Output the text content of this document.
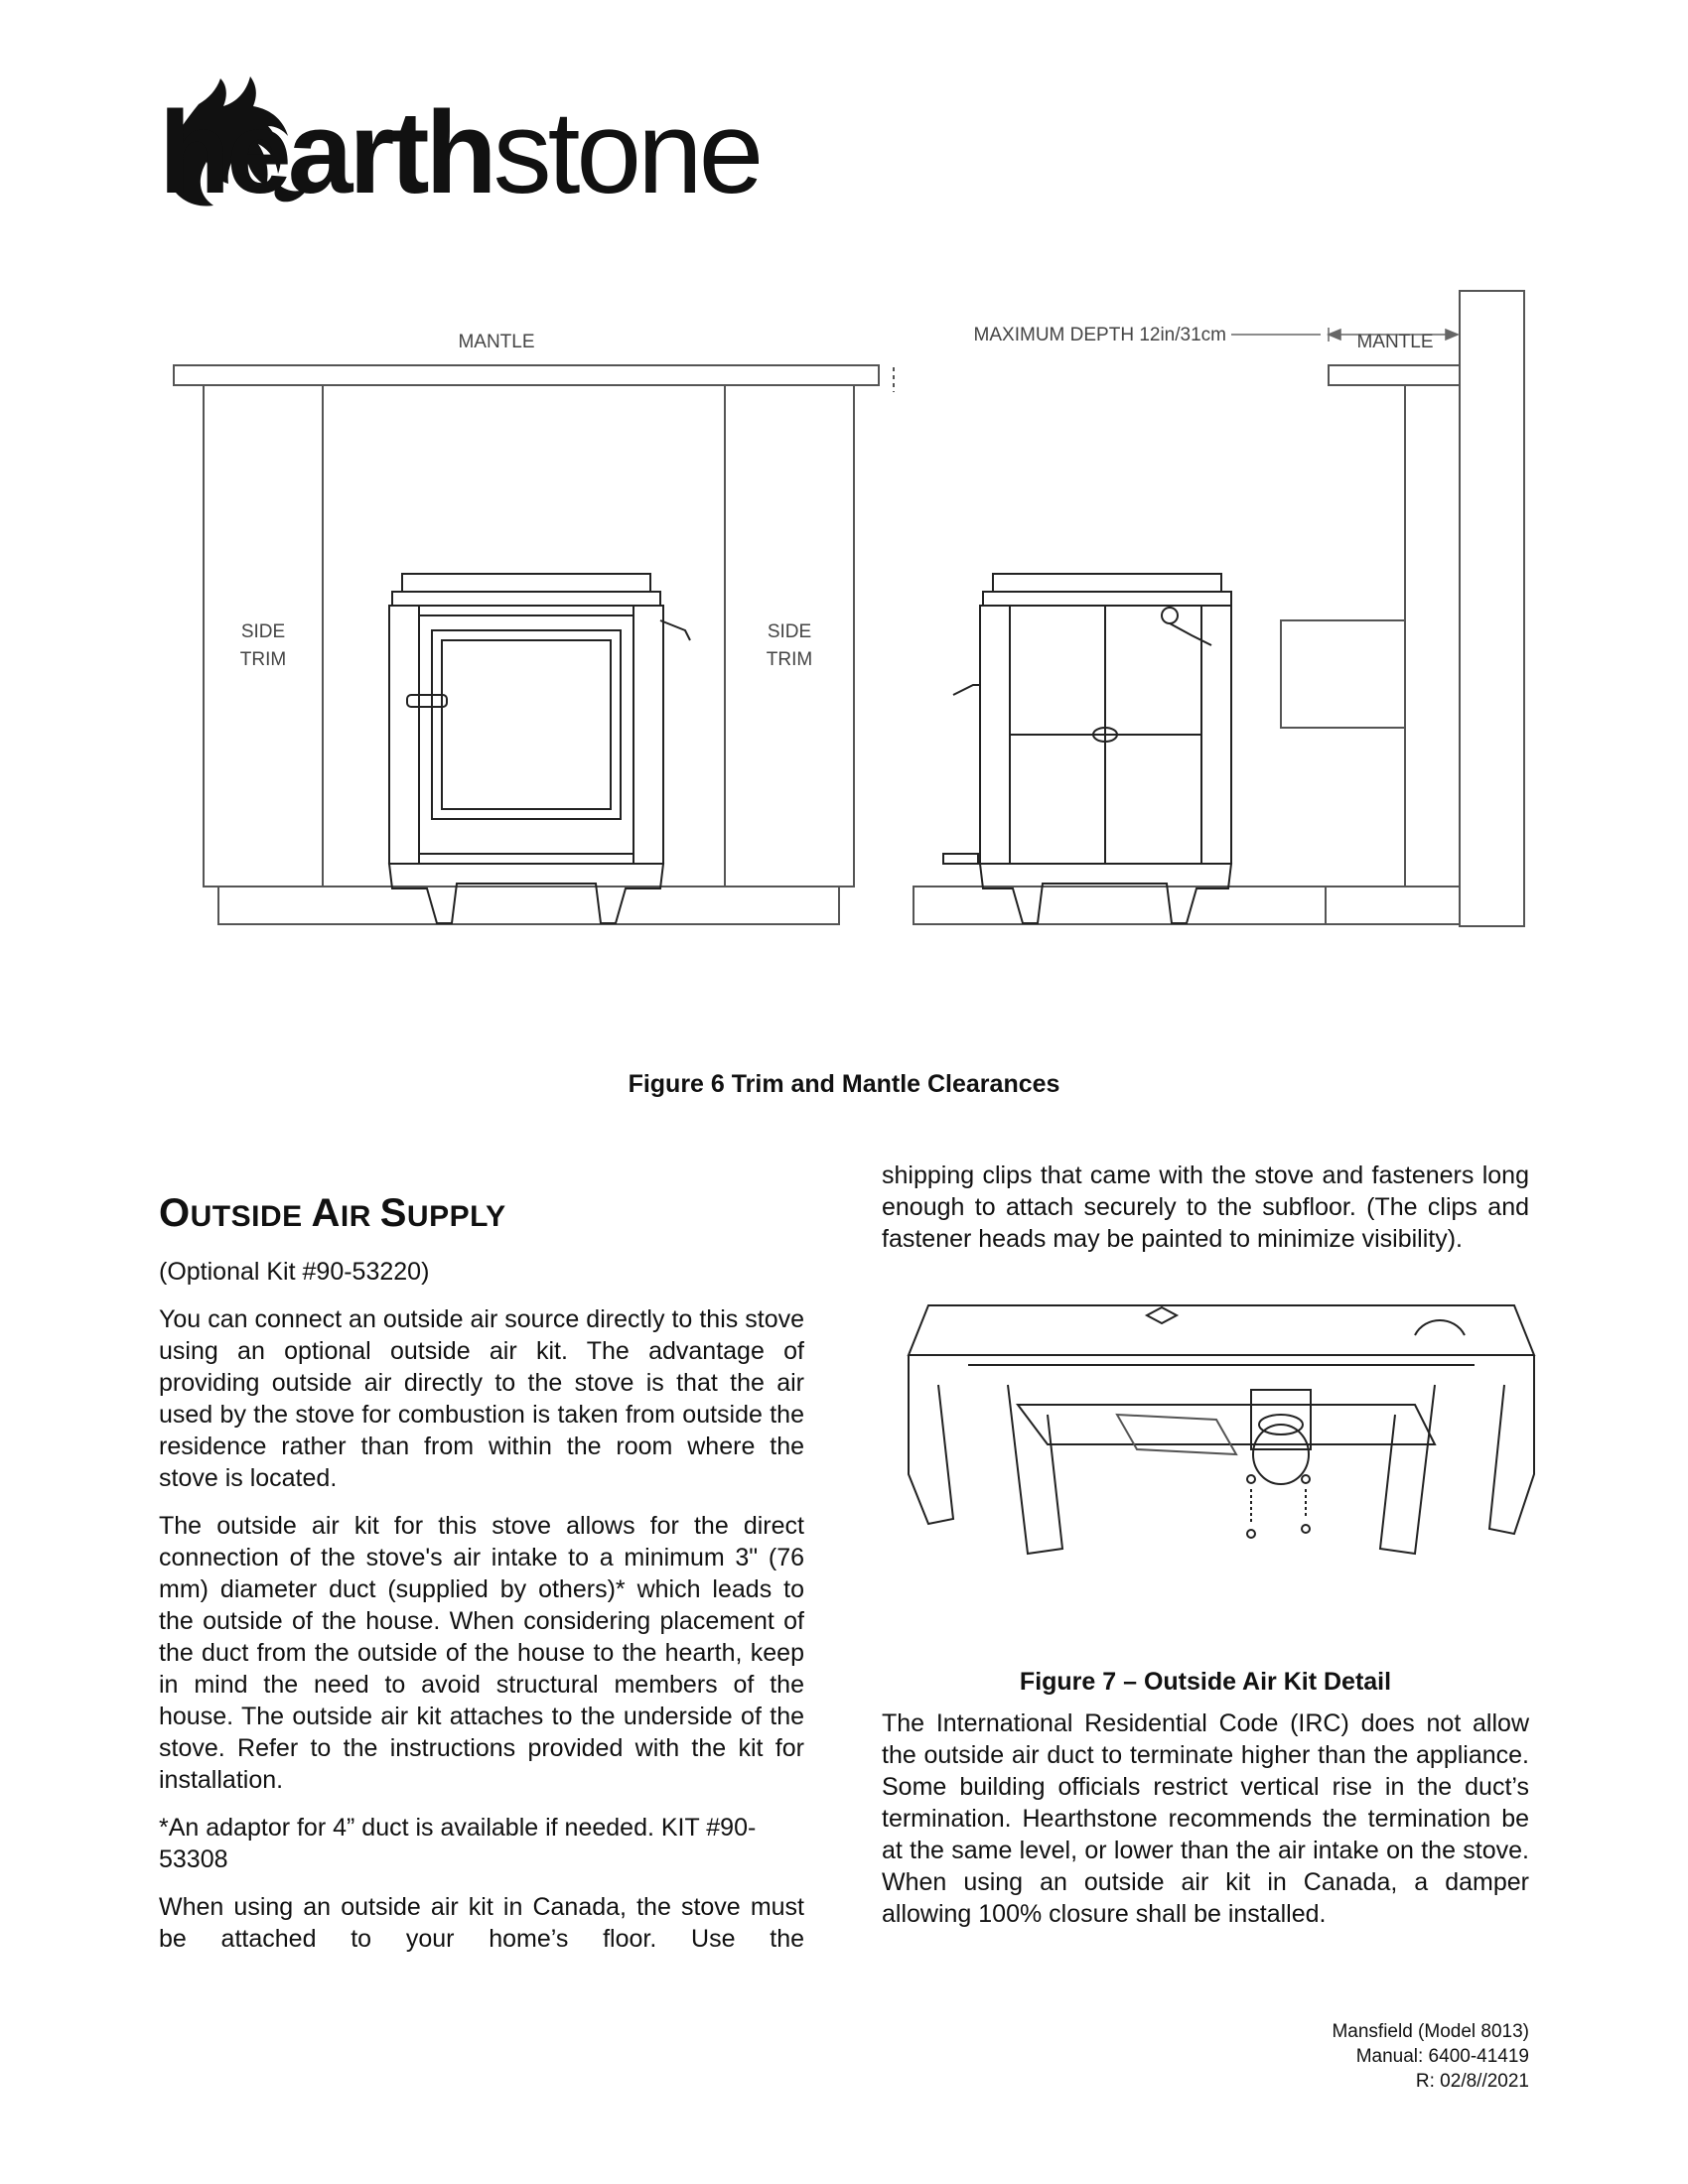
hearthstone
MANTLE	MAXIMUM DEPTH 12in/31cm	MANTLE
SIDE
TRIM
SIDE
TRIM
Figure 6 Trim and Mantle Clearances
OUTSIDE AIR SUPPLY

(Optional Kit #90-53220)

You can connect an outside air source directly to this stove using an optional outside air kit. The advantage of providing outside air directly to the stove is that the air used by the stove for combustion is taken from outside the residence rather than from within the room where the stove is located.

The outside air kit for this stove allows for the direct connection of the stove's air intake to a minimum 3" (76 mm) diameter duct (supplied by others)* which leads to the outside of the house. When considering placement of the duct from the outside of the house to the hearth, keep in mind the need to avoid structural members of the house. The outside air kit attaches to the underside of the stove. Refer to the instructions provided with the kit for installation.

*An adaptor for 4” duct is available if needed. KIT #90-53308

When using an outside air kit in Canada, the stove must be attached to your home’s floor. Use the

shipping clips that came with the stove and fasteners long enough to attach securely to the subfloor. (The clips and fastener heads may be painted to minimize visibility).

Figure 7 – Outside Air Kit Detail

The International Residential Code (IRC) does not allow the outside air duct to terminate higher than the appliance. Some building officials restrict vertical rise in the duct’s termination. Hearthstone recommends the termination be at the same level, or lower than the air intake on the stove. When using an outside air kit in Canada, a damper allowing 100% closure shall be installed.

Mansfield (Model 8013)
Manual: 6400-41419
R: 02/8//2021
